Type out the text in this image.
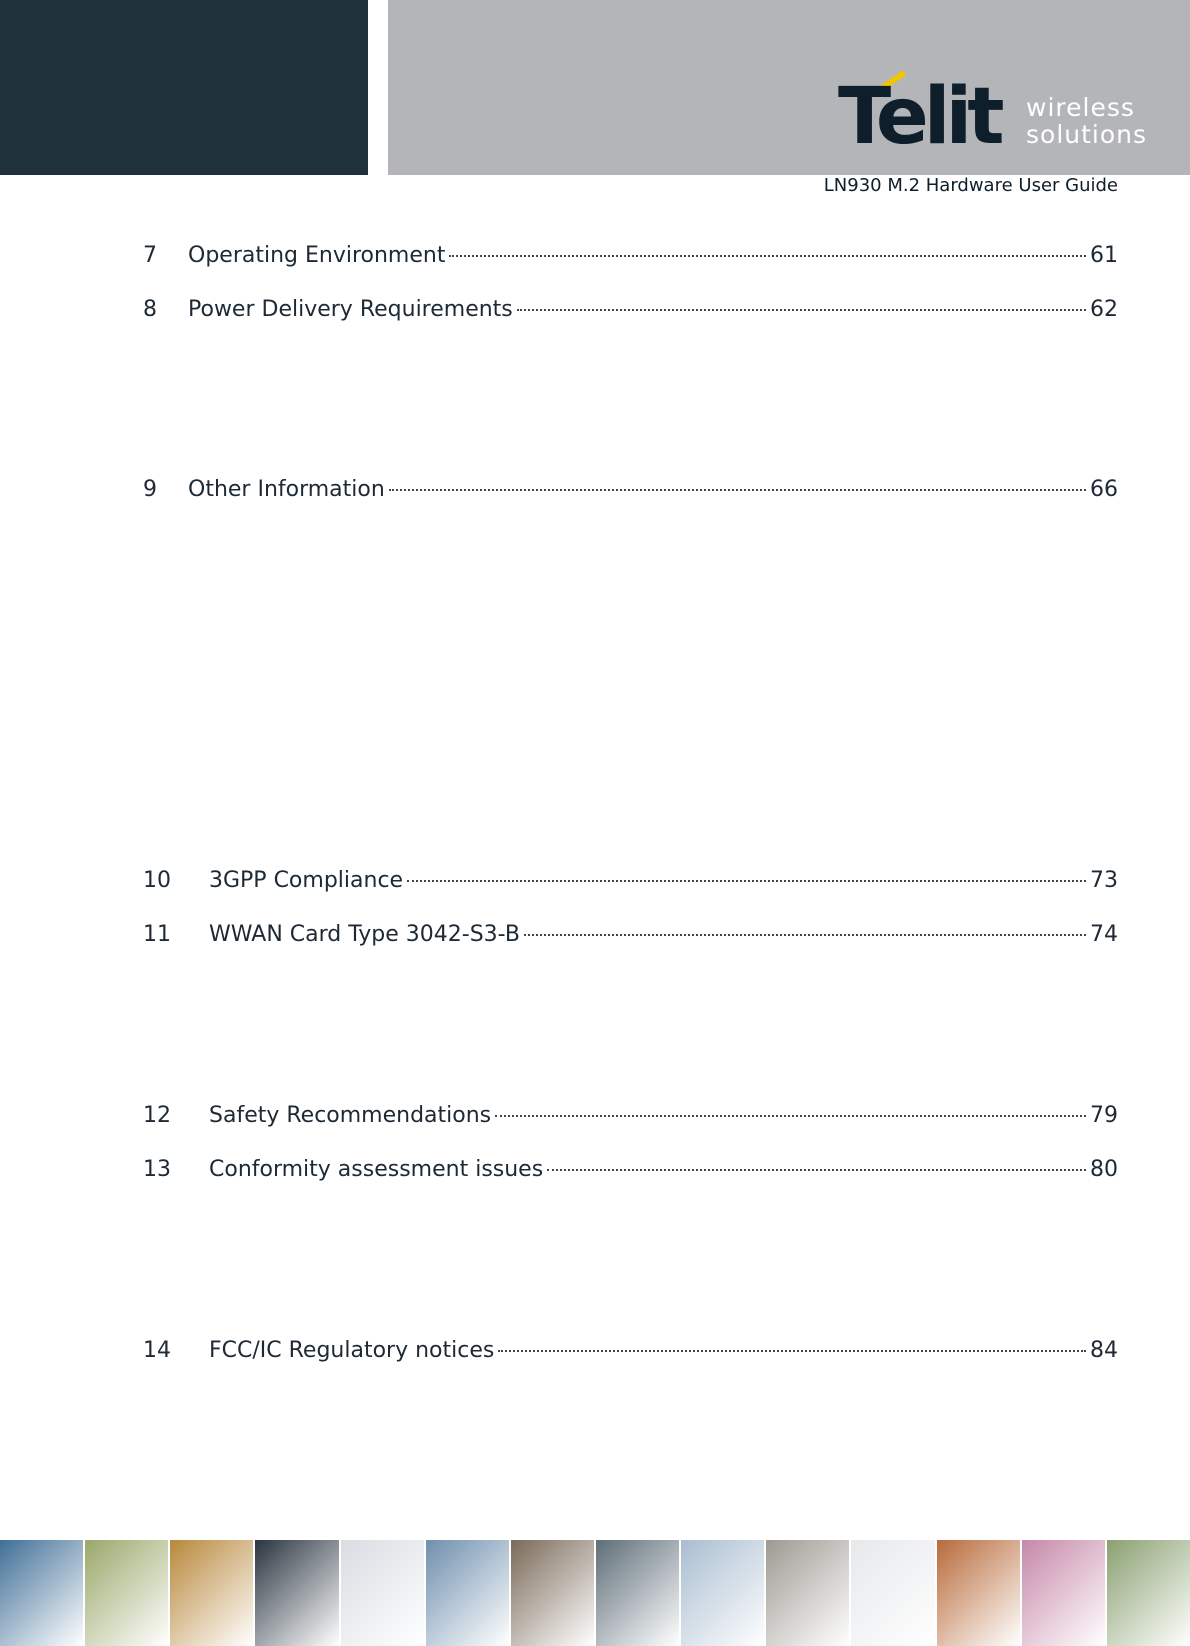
Telit wireless
solutions
LN930 M.2 Hardware User Guide
7	Operating Environment	61
8	Power Delivery Requirements	62
9	Other Information	66
10	3GPP Compliance	73
11	WWAN Card Type 3042-S3-B	74
12	Safety Recommendations	79
13	Conformity assessment issues	80
14	FCC/IC Regulatory notices	84
